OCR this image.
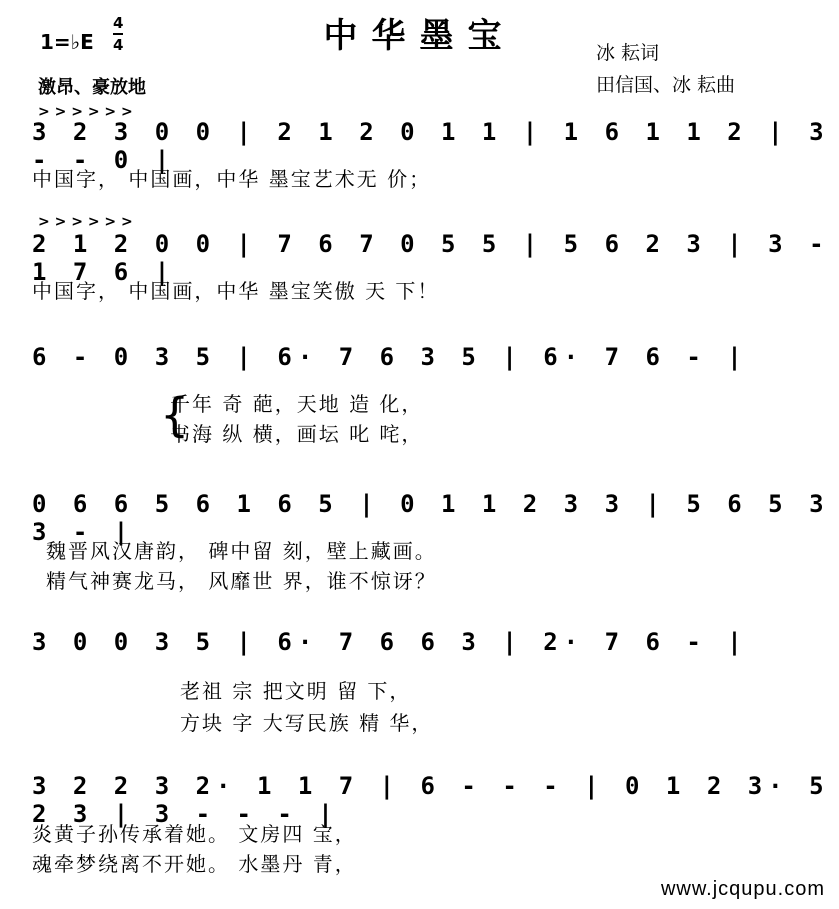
中华墨宝
1=♭E
4
4	冰 耘词
田信国、冰 耘曲
激昂、豪放地
3 2 3 0 0 | 2 1 2 0 1 1 | 1 6 1 1 2 | 3 - - 0 |
中国字， 中国画，中华 墨宝艺术无 价；
2 1 2 0 0 | 7 6 7 0 5 5 | 5 6 2 3 | 3 - 1 7 6 |
中国字， 中国画，中华 墨宝笑傲 天 下！
6 - 0 3 5 | 6· 7 6 3 5 | 6· 7 6 - |
千年 奇 葩，天地 造 化，
书海 纵 横，画坛 叱 咤，
0 6 6 5 6 1 6 5 | 0 1 1 2 3 3 | 5 6 5 3 3 - |
魏晋风汉唐韵， 碑中留 刻，壁上藏画。
精气神赛龙马， 风靡世 界，谁不惊讶？
3 0 0 3 5 | 6· 7 6 6 3 | 2· 7 6 - |
老祖 宗 把文明 留 下，
方块 字 大写民族 精 华，
3 2 2 3 2· 1 1 7 | 6 - - - | 0 1 2 3· 5 2 3 | 3 - - - |
炎黄子孙传承着她。 文房四 宝，
魂牵梦绕离不开她。 水墨丹 青，
> > > > > >
> > > > > >
{
www.jcqupu.com
